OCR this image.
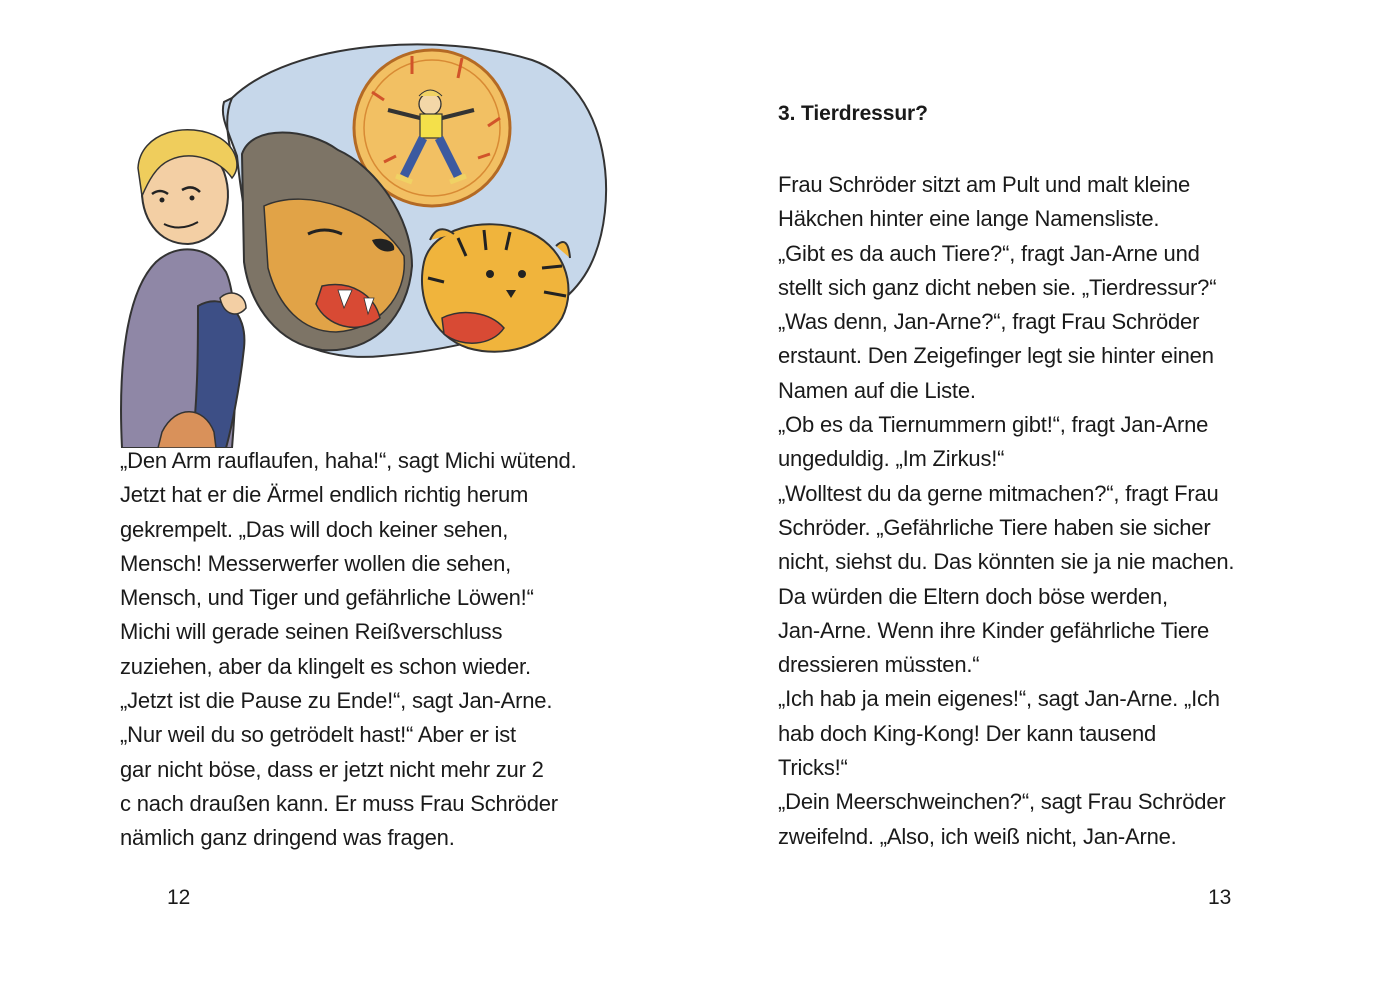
„Den Arm rauflaufen, haha!“, sagt Michi wütend.
Jetzt hat er die Ärmel endlich richtig herum
gekrempelt. „Das will doch keiner sehen,
Mensch! Messerwerfer wollen die sehen,
Mensch, und Tiger und gefährliche Löwen!“
Michi will gerade seinen Reißverschluss
zuziehen, aber da klingelt es schon wieder.
„Jetzt ist die Pause zu Ende!“, sagt Jan-Arne.
„Nur weil du so getrödelt hast!“ Aber er ist
gar nicht böse, dass er jetzt nicht mehr zur 2
c nach draußen kann. Er muss Frau Schröder
nämlich ganz dringend was fragen.
12
3. Tierdressur?
Frau Schröder sitzt am Pult und malt kleine
Häkchen hinter eine lange Namensliste.
„Gibt es da auch Tiere?“, fragt Jan-Arne und
stellt sich ganz dicht neben sie. „Tierdressur?“
„Was denn, Jan-Arne?“, fragt Frau Schröder
erstaunt. Den Zeigefinger legt sie hinter einen
Namen auf die Liste.
„Ob es da Tiernummern gibt!“, fragt Jan-Arne
ungeduldig. „Im Zirkus!“
„Wolltest du da gerne mitmachen?“, fragt Frau
Schröder. „Gefährliche Tiere haben sie sicher
nicht, siehst du. Das könnten sie ja nie machen.
Da würden die Eltern doch böse werden,
Jan-Arne. Wenn ihre Kinder gefährliche Tiere
dressieren müssten.“
„Ich hab ja mein eigenes!“, sagt Jan-Arne. „Ich
hab doch King-Kong! Der kann tausend
Tricks!“
„Dein Meerschweinchen?“, sagt Frau Schröder
zweifelnd. „Also, ich weiß nicht, Jan-Arne.
13
